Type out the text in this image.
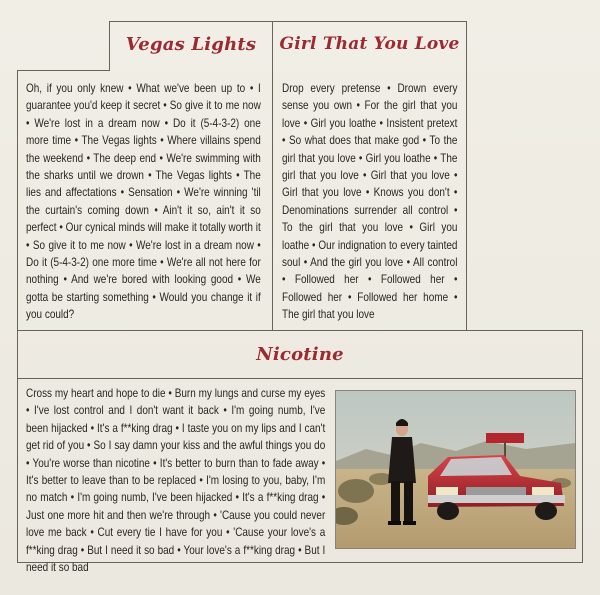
Vegas Lights	Girl That You Love
Nicotine
Oh, if you only knew • What we've been up to • I guarantee you'd keep it secret • So give it to me now • We're lost in a dream now • Do it (5-4-3-2) one more time • The Vegas lights • Where villains spend the weekend • The deep end • We're swimming with the sharks until we drown • The Vegas lights • The lies and affectations • Sensation • We're winning 'til the curtain's coming down • Ain't it so, ain't it so perfect • Our cynical minds will make it totally worth it • So give it to me now • We're lost in a dream now • Do it (5-4-3-2) one more time • We're all not here for nothing • And we're bored with looking good • We gotta be starting something • Would you change it if you could?
Drop every pretense • Drown every sense you own • For the girl that you love • Girl you loathe • Insistent pretext • So what does that make god • To the girl that you love • Girl you loathe • The girl that you love • Girl that you love • Girl that you love • Knows you don't • Denominations surrender all control • To the girl that you love • Girl you loathe • Our indignation to every tainted soul • And the girl you love • All control • Followed her • Followed her • Followed her • Followed her home • The girl that you love
Cross my heart and hope to die • Burn my lungs and curse my eyes • I've lost control and I don't want it back • I'm going numb, I've been hijacked • It's a f**king drag • I taste you on my lips and I can't get rid of you • So I say damn your kiss and the awful things you do • You're worse than nicotine • It's better to burn than to fade away • It's better to leave than to be replaced • I'm losing to you, baby, I'm no match • I'm going numb, I've been hijacked • It's a f**king drag • Just one more hit and then we're through • 'Cause you could never love me back • Cut every tie I have for you • 'Cause your love's a f**king drag • But I need it so bad • Your love's a f**king drag • But I need it so bad
